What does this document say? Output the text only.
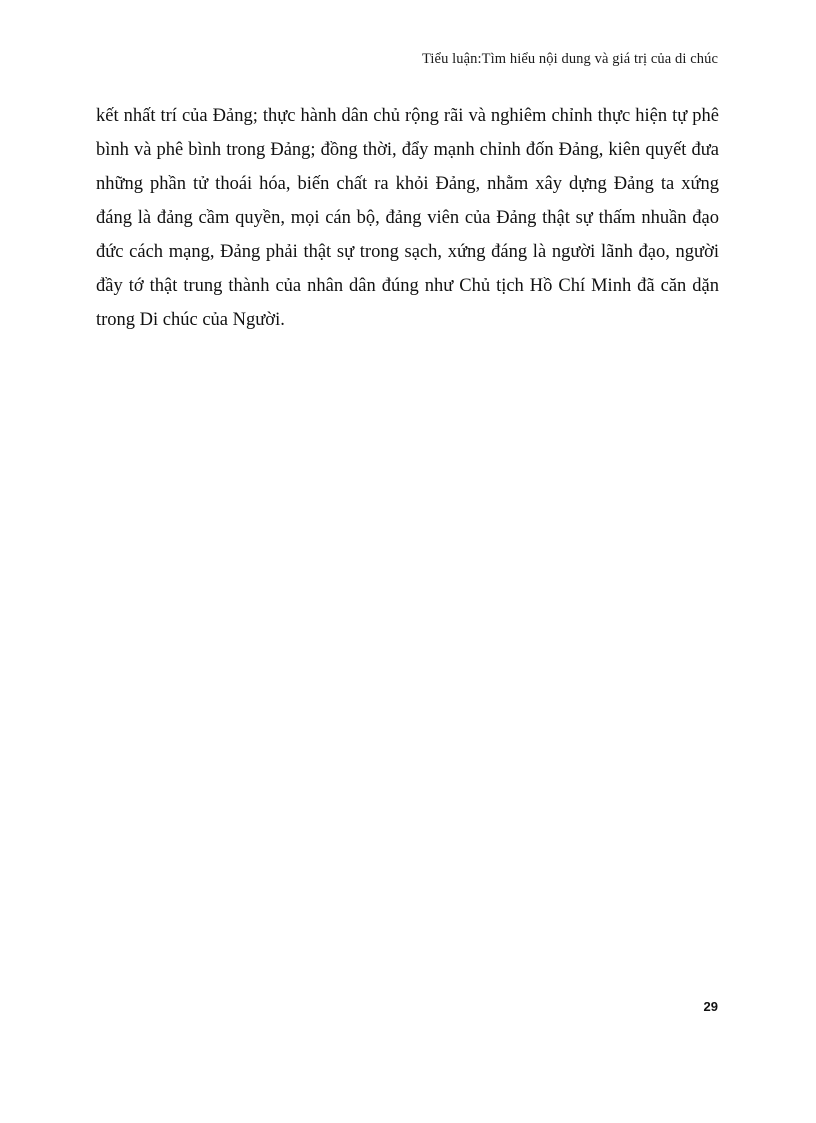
Tiểu luận:Tìm hiểu nội dung và giá trị của di chúc
kết nhất trí của Đảng; thực hành dân chủ rộng rãi và nghiêm chỉnh thực hiện tự phê
bình và phê bình trong Đảng; đồng thời, đẩy mạnh chỉnh đốn Đảng, kiên quyết đưa
những phần tử thoái hóa, biến chất ra khỏi Đảng, nhằm xây dựng Đảng ta xứng
đáng là đảng cầm quyền, mọi cán bộ, đảng viên của Đảng thật sự thấm nhuần đạo
đức cách mạng, Đảng phải thật sự trong sạch, xứng đáng là người lãnh đạo, người
đầy tớ thật trung thành của nhân dân đúng như Chủ tịch Hồ Chí Minh đã căn dặn
trong Di chúc của Người.
29
